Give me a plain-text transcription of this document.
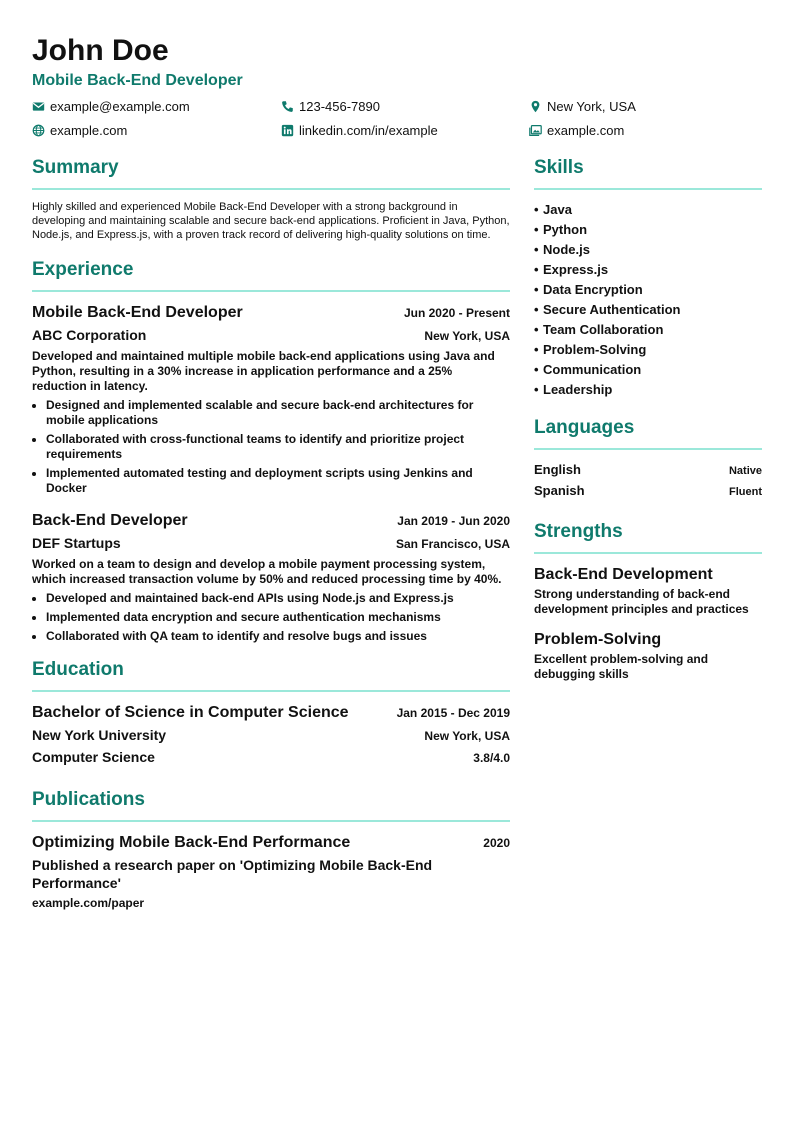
John Doe
Mobile Back-End Developer
example@example.com	123-456-7890	New York, USA
example.com	linkedin.com/in/example	example.com
Summary
Highly skilled and experienced Mobile Back-End Developer with a strong background in developing and maintaining scalable and secure back-end applications. Proficient in Java, Python, Node.js, and Express.js, with a proven track record of delivering high-quality solutions on time.
Experience
Mobile Back-End Developer	Jun 2020 - Present
ABC Corporation	New York, USA
Developed and maintained multiple mobile back-end applications using Java and Python, resulting in a 30% increase in application performance and a 25% reduction in latency.
• Designed and implemented scalable and secure back-end architectures for mobile applications
• Collaborated with cross-functional teams to identify and prioritize project requirements
• Implemented automated testing and deployment scripts using Jenkins and Docker
Back-End Developer	Jan 2019 - Jun 2020
DEF Startups	San Francisco, USA
Worked on a team to design and develop a mobile payment processing system, which increased transaction volume by 50% and reduced processing time by 40%.
• Developed and maintained back-end APIs using Node.js and Express.js
• Implemented data encryption and secure authentication mechanisms
• Collaborated with QA team to identify and resolve bugs and issues
Education
Bachelor of Science in Computer Science	Jan 2015 - Dec 2019
New York University	New York, USA
Computer Science	3.8/4.0
Publications
Optimizing Mobile Back-End Performance	2020
Published a research paper on 'Optimizing Mobile Back-End Performance'
example.com/paper
Skills
• Java
• Python
• Node.js
• Express.js
• Data Encryption
• Secure Authentication
• Team Collaboration
• Problem-Solving
• Communication
• Leadership
Languages
English	Native
Spanish	Fluent
Strengths
Back-End Development
Strong understanding of back-end development principles and practices
Problem-Solving
Excellent problem-solving and debugging skills
